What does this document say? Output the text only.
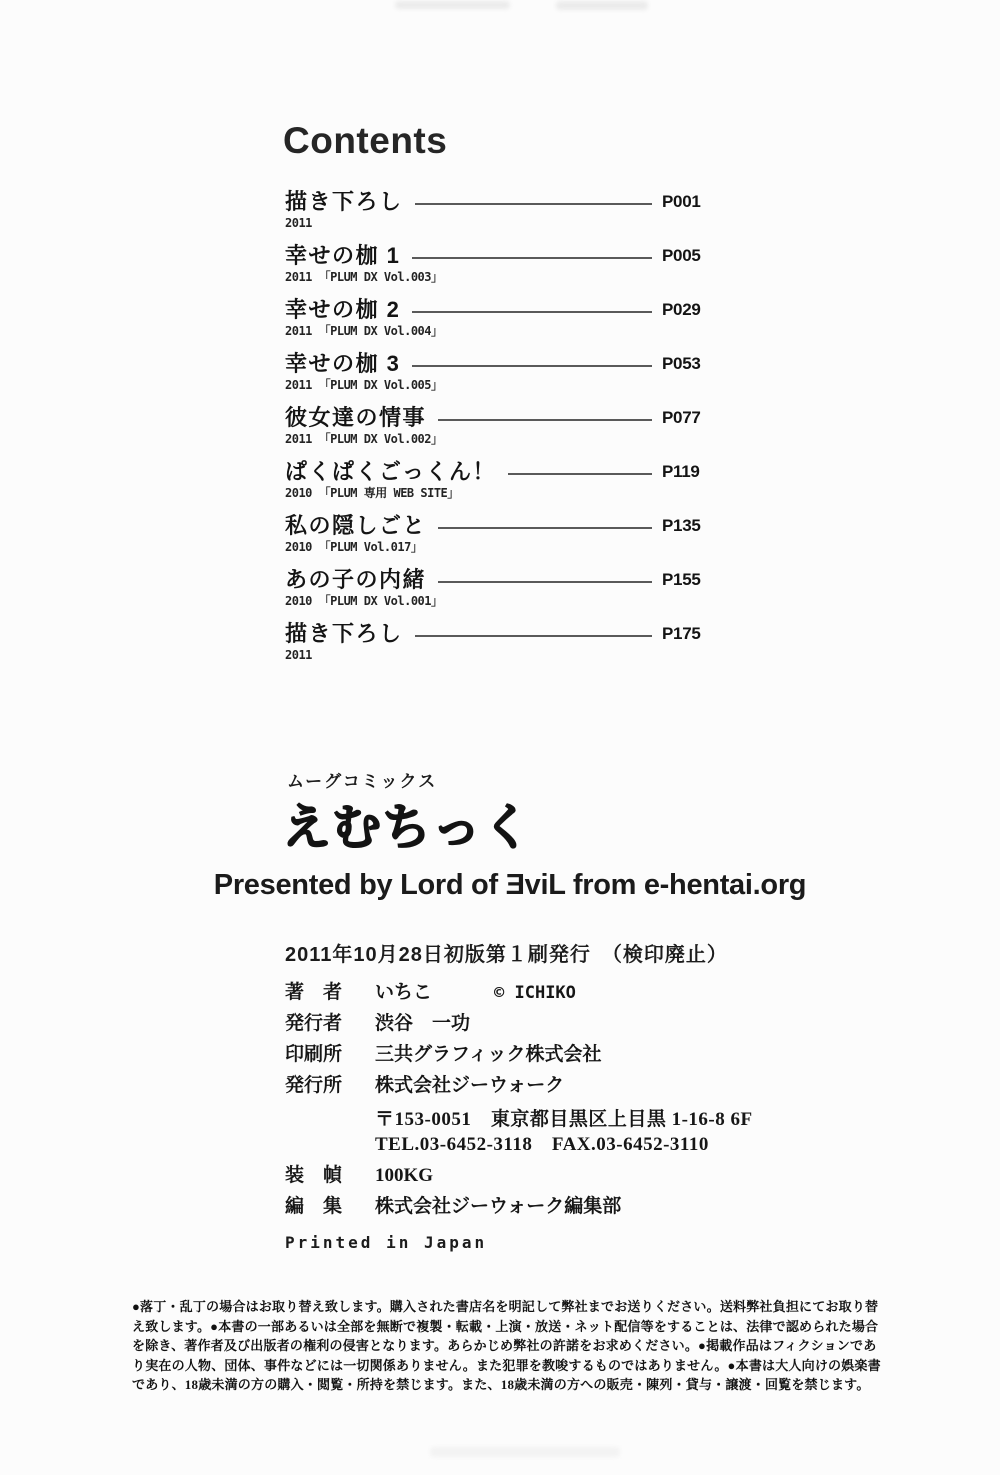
Contents
描き下ろし	P001
2011
幸せの枷 1	P005
2011 「PLUM DX Vol.003」
幸せの枷 2	P029
2011 「PLUM DX Vol.004」
幸せの枷 3	P053
2011 「PLUM DX Vol.005」
彼女達の情事	P077
2011 「PLUM DX Vol.002」
ぱくぱくごっくん！	P119
2010 「PLUM 専用 WEB SITE」
私の隠しごと	P135
2010 「PLUM Vol.017」
あの子の内緒	P155
2010 「PLUM DX Vol.001」
描き下ろし	P175
2011
ムーグコミックス
えむちっく
Presented by Lord of ƎviL from e-hentai.org
2011年10月28日初版第１刷発行　（検印廃止）
著　者	いちこ	© ICHIKO
発行者	渋谷　一功
印刷所	三共グラフィック株式会社
発行所	株式会社ジーウォーク
〒153-0051　東京都目黒区上目黒 1-16-8 6F
TEL.03-6452-3118　FAX.03-6452-3110
装　幀	100KG
編　集	株式会社ジーウォーク編集部
Printed in Japan
●落丁・乱丁の場合はお取り替え致します。購入された書店名を明記して弊社までお送りください。送料弊社負担にてお取り替
え致します。●本書の一部あるいは全部を無断で複製・転載・上演・放送・ネット配信等をすることは、法律で認められた場合
を除き、著作者及び出版者の権利の侵害となります。あらかじめ弊社の許諾をお求めください。●掲載作品はフィクションであ
り実在の人物、団体、事件などには一切関係ありません。また犯罪を教唆するものではありません。●本書は大人向けの娯楽書
であり、18歳未満の方の購入・閲覧・所持を禁じます。また、18歳未満の方への販売・陳列・貸与・譲渡・回覧を禁じます。
